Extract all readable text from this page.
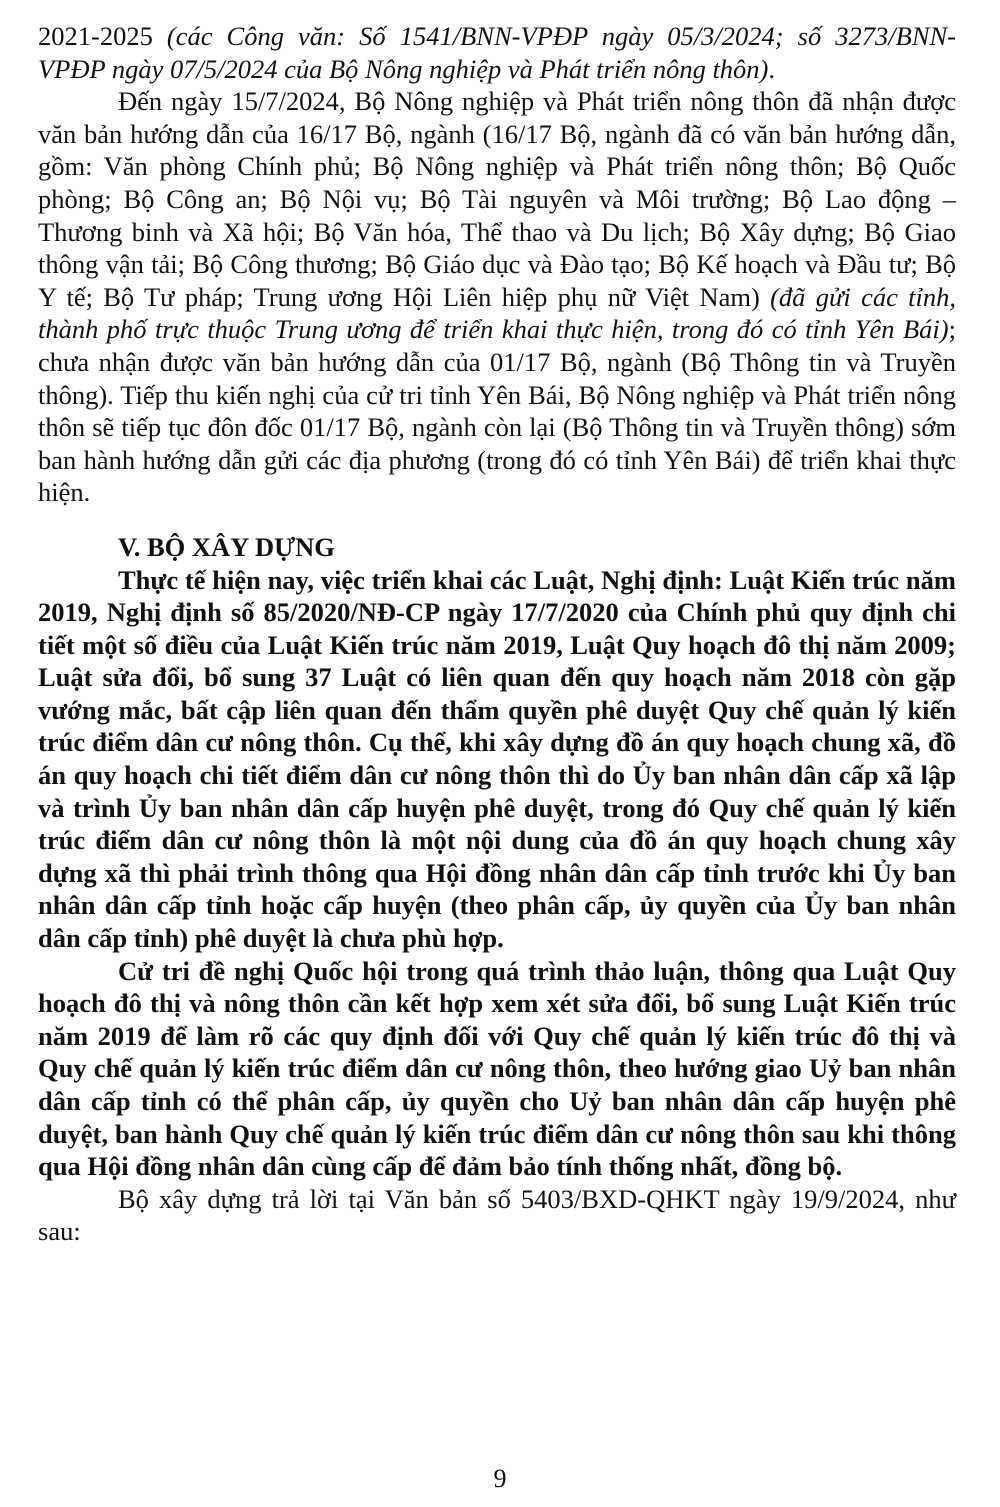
2021-2025 (các Công văn: Số 1541/BNN-VPĐP ngày 05/3/2024; số 3273/BNN-VPĐP ngày 07/5/2024 của Bộ Nông nghiệp và Phát triển nông thôn).

Đến ngày 15/7/2024, Bộ Nông nghiệp và Phát triển nông thôn đã nhận được văn bản hướng dẫn của 16/17 Bộ, ngành (16/17 Bộ, ngành đã có văn bản hướng dẫn, gồm: Văn phòng Chính phủ; Bộ Nông nghiệp và Phát triển nông thôn; Bộ Quốc phòng; Bộ Công an; Bộ Nội vụ; Bộ Tài nguyên và Môi trường; Bộ Lao động – Thương binh và Xã hội; Bộ Văn hóa, Thể thao và Du lịch; Bộ Xây dựng; Bộ Giao thông vận tải; Bộ Công thương; Bộ Giáo dục và Đào tạo; Bộ Kế hoạch và Đầu tư; Bộ Y tế; Bộ Tư pháp; Trung ương Hội Liên hiệp phụ nữ Việt Nam) (đã gửi các tỉnh, thành phố trực thuộc Trung ương để triển khai thực hiện, trong đó có tỉnh Yên Bái); chưa nhận được văn bản hướng dẫn của 01/17 Bộ, ngành (Bộ Thông tin và Truyền thông). Tiếp thu kiến nghị của cử tri tỉnh Yên Bái, Bộ Nông nghiệp và Phát triển nông thôn sẽ tiếp tục đôn đốc 01/17 Bộ, ngành còn lại (Bộ Thông tin và Truyền thông) sớm ban hành hướng dẫn gửi các địa phương (trong đó có tỉnh Yên Bái) để triển khai thực hiện.

V. BỘ XÂY DỰNG

Thực tế hiện nay, việc triển khai các Luật, Nghị định: Luật Kiến trúc năm 2019, Nghị định số 85/2020/NĐ-CP ngày 17/7/2020 của Chính phủ quy định chi tiết một số điều của Luật Kiến trúc năm 2019, Luật Quy hoạch đô thị năm 2009; Luật sửa đổi, bổ sung 37 Luật có liên quan đến quy hoạch năm 2018 còn gặp vướng mắc, bất cập liên quan đến thẩm quyền phê duyệt Quy chế quản lý kiến trúc điểm dân cư nông thôn. Cụ thể, khi xây dựng đồ án quy hoạch chung xã, đồ án quy hoạch chi tiết điểm dân cư nông thôn thì do Ủy ban nhân dân cấp xã lập và trình Ủy ban nhân dân cấp huyện phê duyệt, trong đó Quy chế quản lý kiến trúc điểm dân cư nông thôn là một nội dung của đồ án quy hoạch chung xây dựng xã thì phải trình thông qua Hội đồng nhân dân cấp tỉnh trước khi Ủy ban nhân dân cấp tỉnh hoặc cấp huyện (theo phân cấp, ủy quyền của Ủy ban nhân dân cấp tỉnh) phê duyệt là chưa phù hợp.

Cử tri đề nghị Quốc hội trong quá trình thảo luận, thông qua Luật Quy hoạch đô thị và nông thôn cần kết hợp xem xét sửa đổi, bổ sung Luật Kiến trúc năm 2019 để làm rõ các quy định đối với Quy chế quản lý kiến trúc đô thị và Quy chế quản lý kiến trúc điểm dân cư nông thôn, theo hướng giao Uỷ ban nhân dân cấp tỉnh có thể phân cấp, ủy quyền cho Uỷ ban nhân dân cấp huyện phê duyệt, ban hành Quy chế quản lý kiến trúc điểm dân cư nông thôn sau khi thông qua Hội đồng nhân dân cùng cấp để đảm bảo tính thống nhất, đồng bộ.

Bộ xây dựng trả lời tại Văn bản số 5403/BXD-QHKT ngày 19/9/2024, như sau:

9
